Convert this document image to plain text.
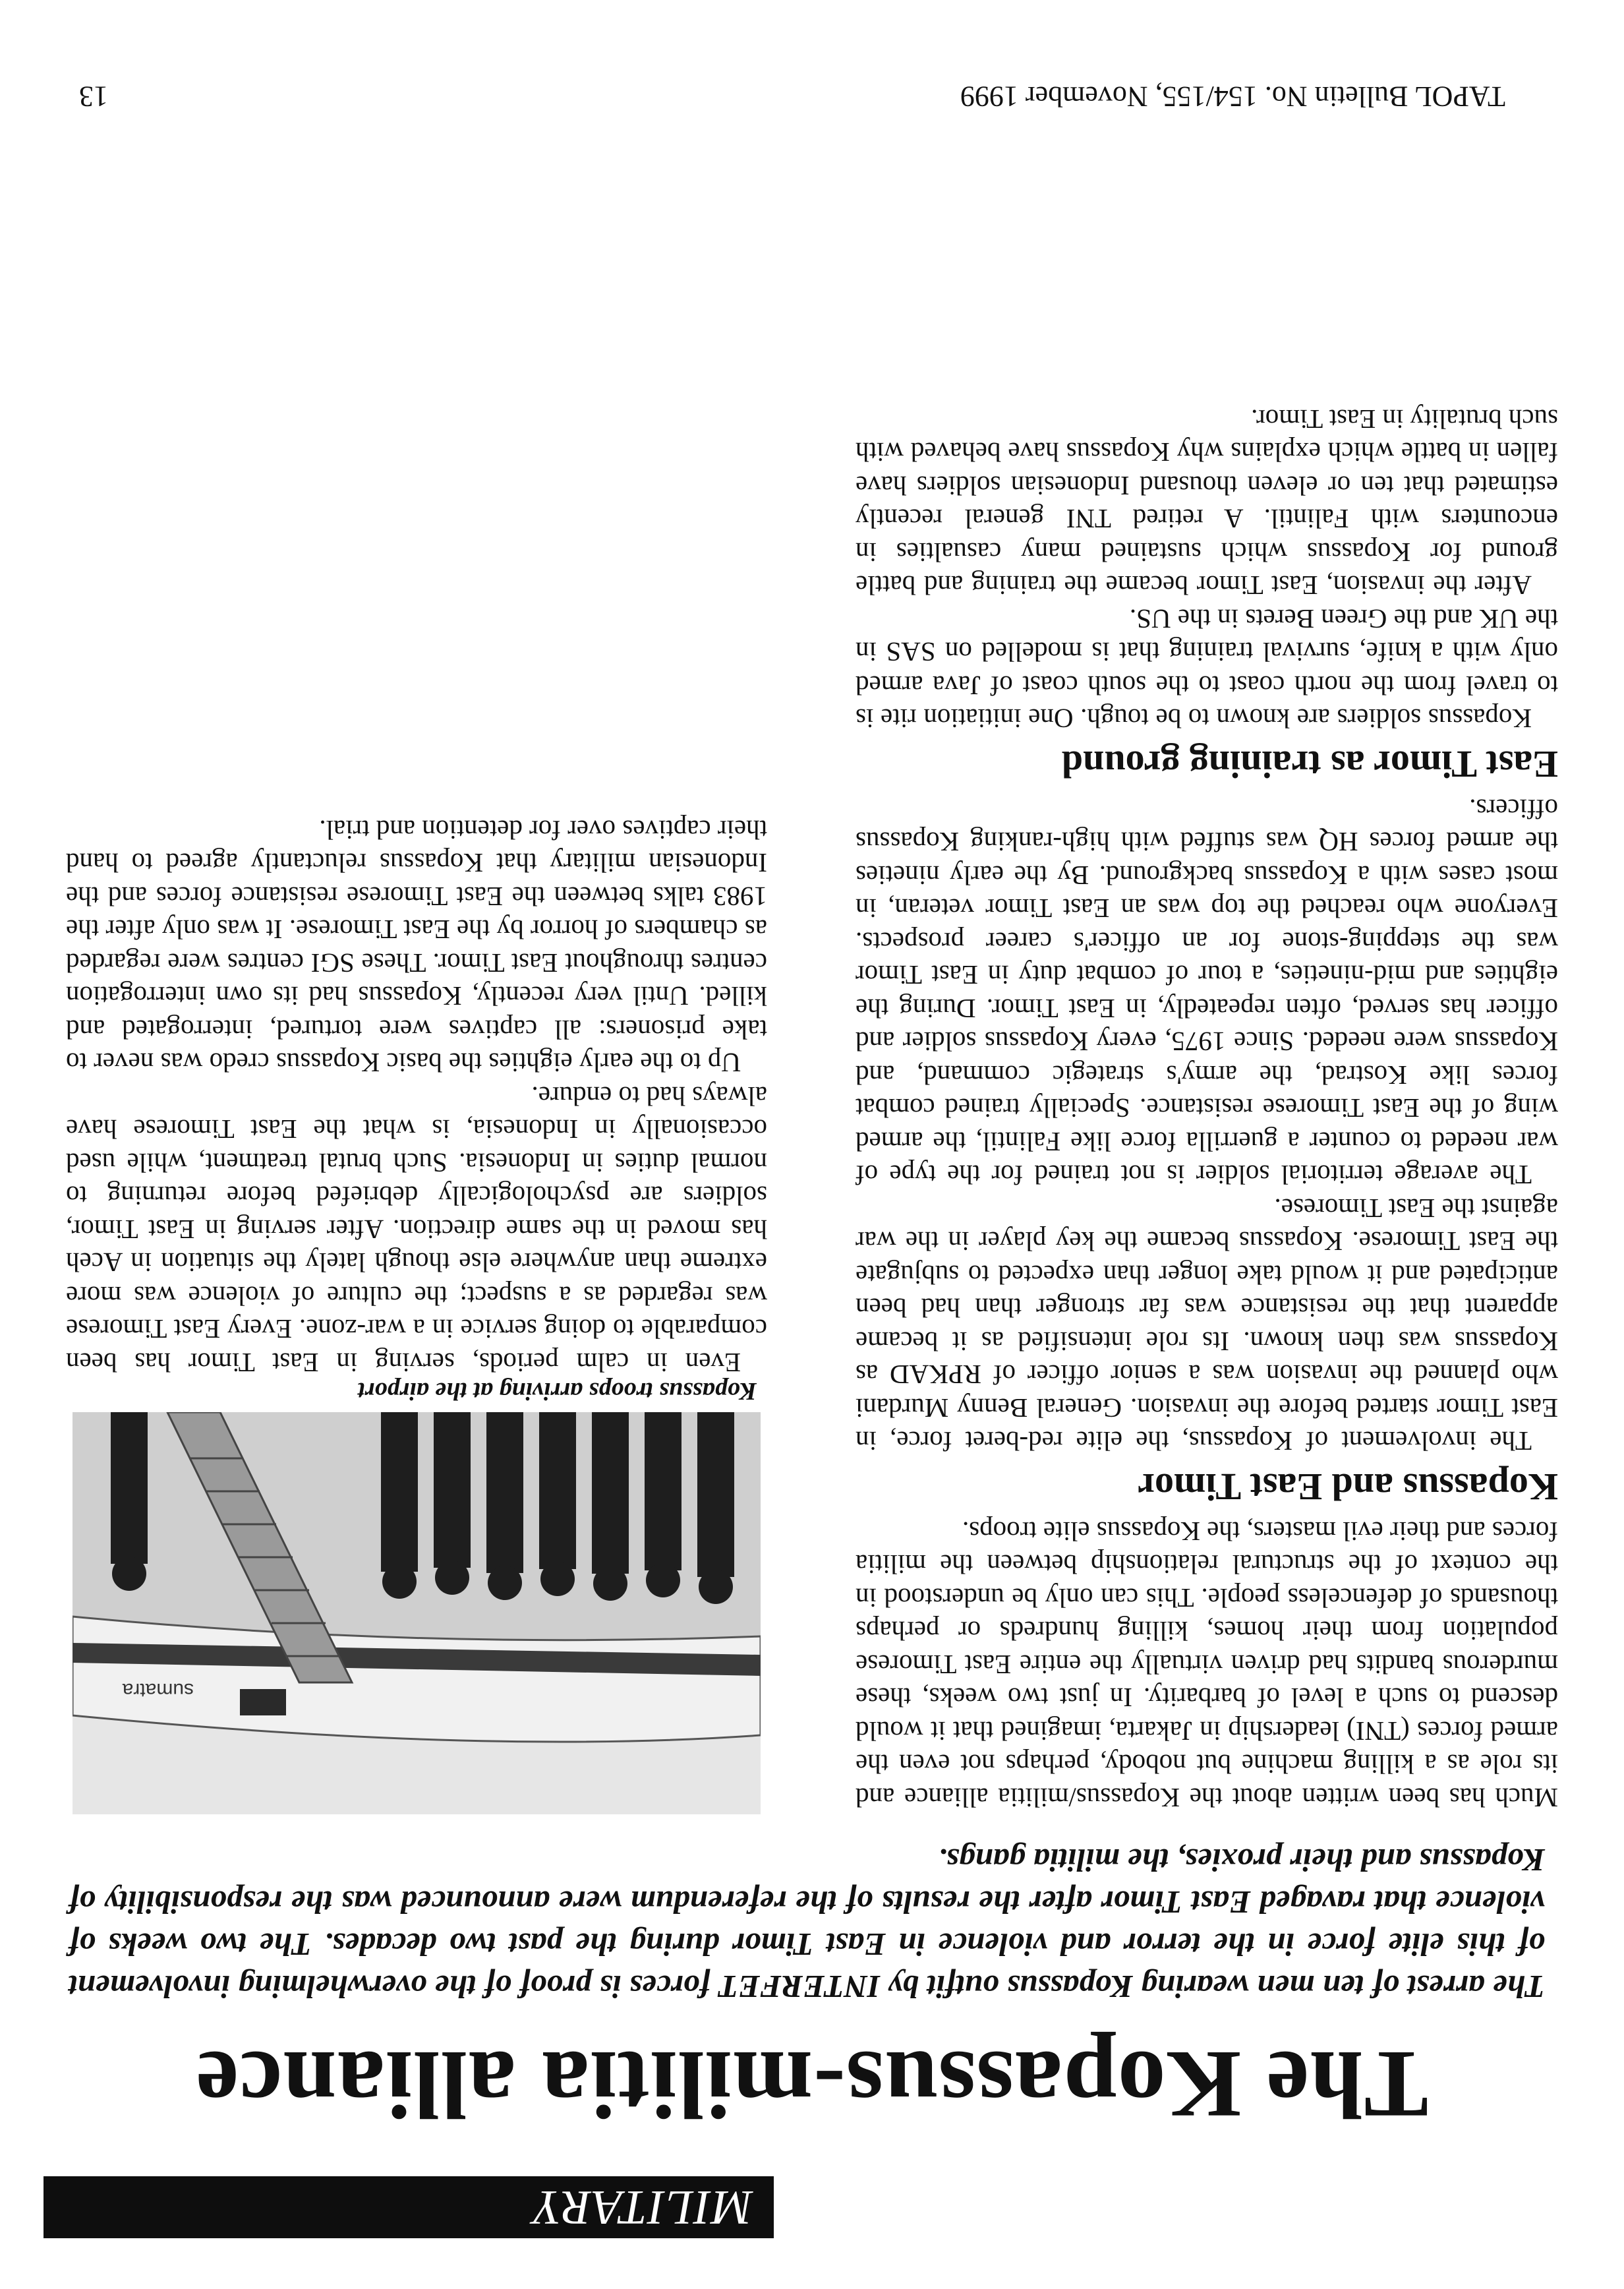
MILITARY
The Kopassus-militia alliance
The arrest of ten men wearing Kopassus outfit by INTERFET forces is proof of the overwhelming involvement of this elite force in the terror and violence in East Timor during the past two decades. The two weeks of violence that ravaged East Timor after the results of the referendum were announced was the responsibility of Kopassus and their proxies, the militia gangs.

Much has been written about the Kopassus/militia alliance and its role as a killing machine but nobody, perhaps not even the armed forces (TNI) leadership in Jakarta, imagined that it would descend to such a level of barbarity. In just two weeks, these murderous bandits had driven virtually the entire East Timorese population from their homes, killing hundreds or perhaps thousands of defenceless people. This can only be understood in the context of the structural relationship between the militia forces and their evil masters, the Kopassus elite troops.

Kopassus and East Timor

The involvement of Kopassus, the elite red-beret force, in East Timor started before the invasion. General Benny Murdani who planned the invasion was a senior officer of RPKAD as Kopassus was then known. Its role intensified as it became apparent that the resistance was far stronger than had been anticipated and it would take longer than expected to subjugate the East Timorese. Kopassus became the key player in the war against the East Timorese.

The average territorial soldier is not trained for the type of war needed to counter a guerrilla force like Falintil, the armed wing of the East Timorese resistance. Specially trained combat forces like Kostrad, the army's strategic command, and Kopassus were needed. Since 1975, every Kopassus soldier and officer has served, often repeatedly, in East Timor. During the eighties and mid-nineties, a tour of combat duty in East Timor was the stepping-stone for an officer's career prospects. Everyone who reached the top was an East Timor veteran, in most cases with a Kopassus background. By the early nineties the armed forces HQ was stuffed with high-ranking Kopassus officers.

East Timor as training ground

Kopassus soldiers are known to be tough. One initiation rite is to travel from the north coast to the south coast of Java armed only with a knife, survival training that is modelled on SAS in the UK and the Green Berets in the US.

After the invasion, East Timor became the training and battle ground for Kopassus which sustained many casualties in encounters with Falintil. A retired TNI general recently estimated that ten or eleven thousand Indonesian soldiers have fallen in battle which explains why Kopassus have behaved with such brutality in East Timor.

sumatra
Kopassus troops arriving at the airport

Even in calm periods, serving in East Timor has been comparable to doing service in a war-zone. Every East Timorese was regarded as a suspect; the culture of violence was more extreme than anywhere else though lately the situation in Aceh has moved in the same direction. After serving in East Timor, soldiers are psychologically debriefed before returning to normal duties in Indonesia. Such brutal treatment, while used occasionally in Indonesia, is what the East Timorese have always had to endure.

Up to the early eighties the basic Kopassus credo was never to take prisoners: all captives were tortured, interrogated and killed. Until very recently, Kopassus had its own interrogation centres throughout East Timor. These SGI centres were regarded as chambers of horror by the East Timorese. It was only after the 1983 talks between the East Timorese resistance forces and the Indonesian military that Kopassus reluctantly agreed to hand their captives over for detention and trial.

TAPOL Bulletin No. 154/155, November 1999
13
